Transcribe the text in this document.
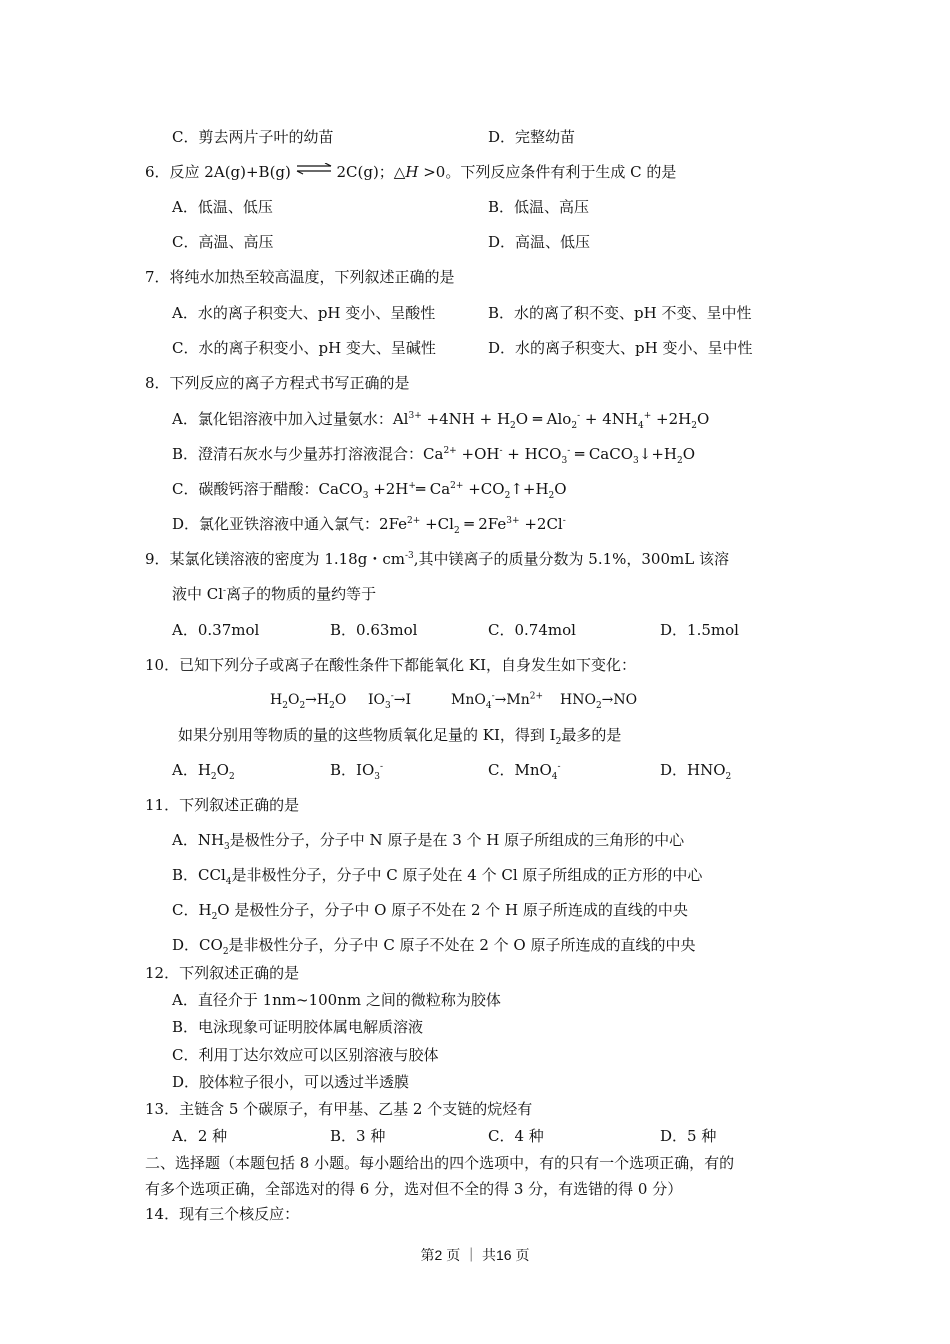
C．剪去两片子叶的幼苗	D．完整幼苗
6．反应 2A(g)+B(g) ⇌ 2C(g)；△H >0。下列反应条件有利于生成 C 的是
A．低温、低压	B．低温、高压
C．高温、高压	D．高温、低压
7．将纯水加热至较高温度，下列叙述正确的是
A．水的离子积变大、pH 变小、呈酸性	B．水的离了积不变、pH 不变、呈中性
C．水的离子积变小、pH 变大、呈碱性	D．水的离子积变大、pH 变小、呈中性
8．下列反应的离子方程式书写正确的是
A．氯化铝溶液中加入过量氨水：$Al^{3+} +4NH + H_2O$ ═ $Alo_2^- + 4NH_4^+ +2H_2O$
B．澄清石灰水与少量苏打溶液混合：$Ca^{2+} +OH^- + HCO_3^-$ ═ $CaCO_3↓+H_2O$
C．碳酸钙溶于醋酸：CaCO$_3$ +2H+═ $Ca^{2+}$ $+CO_2↑+H_2O$
D．氯化亚铁溶液中通入氯气：$2Fe^{2+} +Cl_2$ ═ $2Fe^{3+} +2Cl^-$
9．某氯化镁溶液的密度为 1.18g・$cm^{-3}$,其中镁离子的质量分数为 5.1%，300mL 该溶
液中 Cl-离子的物质的量约等于
A．0.37mol	B．0.63mol	C．0.74mol	D．1.5mol
10．已知下列分子或离子在酸性条件下都能氧化 KI，自身发生如下变化：
$H_2O_2\to H_2O$ $IO_3^-\to I$	$MnO_4^-\to Mn^{2+}$ $HNO_2\to NO$
如果分别用等物质的量的这些物质氧化足量的 KI，得到 $I_2$最多的是
A．$H_2O_2$	B．$IO_3^-$	C．MnO$_4$-	D．$HNO_2$
11．下列叙述正确的是
A．$NH_3$是极性分子，分子中 N 原子是在 3 个 H 原子所组成的三角形的中心
B．CCl$_4$是非极性分子，分子中 C 原子处在 4 个 Cl 原子所组成的正方形的中心
C．$H_2O$ 是极性分子，分子中 O 原子不处在 2 个 H 原子所连成的直线的中央
D．$CO_2$是非极性分子，分子中 C 原子不处在 2 个 O 原子所连成的直线的中央
12．下列叙述正确的是
A．直径介于 1nm~100nm 之间的微粒称为胶体
B．电泳现象可证明胶体属电解质溶液
C．利用丁达尔效应可以区别溶液与胶体
D．胶体粒子很小，可以透过半透膜
13．主链含 5 个碳原子，有甲基、乙基 2 个支链的烷烃有
A．2 种	B．3 种	C．4 种	D．5 种
二、选择题（本题包括 8 小题。每小题给出的四个选项中，有的只有一个选项正确，有的
有多个选项正确，全部选对的得 6 分，选对但不全的得 3 分，有选错的得 0 分）
14．现有三个核反应：
第2 页 ｜ 共16 页
